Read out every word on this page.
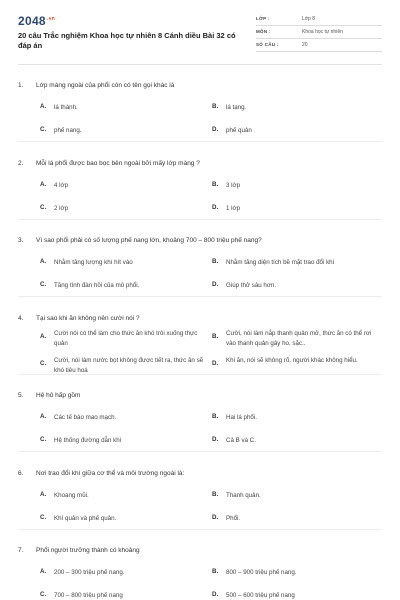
$2048^{.vn}$
20 câu Trắc nghiệm Khoa học tự nhiên 8 Cánh diều Bài 32 có đáp án
LỚP :	Lớp 8
MÔN :	Khoa học tự nhiên
SỐ CÂU :	20
1. Lớp màng ngoài của phổi còn có tên gọi khác là
A. lá thành.	B. lá tạng.
C. phế nang.	D. phế quản
2. Mỗi lá phổi được bao bọc bên ngoài bởi mấy lớp màng ?
A. 4 lớp	B. 3 lớp
C. 2 lớp	D. 1 lớp
3. Vì sao phổi phải có số lượng phế nang lớn, khoảng 700 – 800 triệu phế nang?
A. Nhằm tăng lượng khí hít vào	B. Nhằm tăng diện tích bề mặt trao đổi khí
C. Tăng tính đàn hồi của mô phổi.	D. Giúp thở sâu hơn.
4. Tại sao khi ăn không nên cười nói ?
A. Cười nói có thể làm cho thức ăn khó trôi xuống thực quản
B. Cười, nói làm nắp thanh quản mở, thức ăn có thể rơi vào thanh quản gây ho, sặc..
C. Cười, nói làm nước bọt không được tiết ra, thức ăn sẽ khó tiêu hoá
D. Khi ăn, nói sẽ không rõ, người khác không hiểu.
5. Hệ hô hấp gồm
A. Các tế bào mao mạch.	B. Hai lá phổi.
C. Hệ thống đường dẫn khí	D. Cả B và C.
6. Nơi trao đổi khí giữa cơ thể và môi trường ngoài là:
A. Khoang mũi.	B. Thanh quản.
C. Khí quản và phế quản.	D. Phổi.
7. Phổi người trưởng thành có khoảng
A. 200 – 300 triệu phế nang.	B. 800 – 900 triệu phế nang.
C. 700 – 800 triệu phế nang	D. 500 – 600 triệu phế nang
